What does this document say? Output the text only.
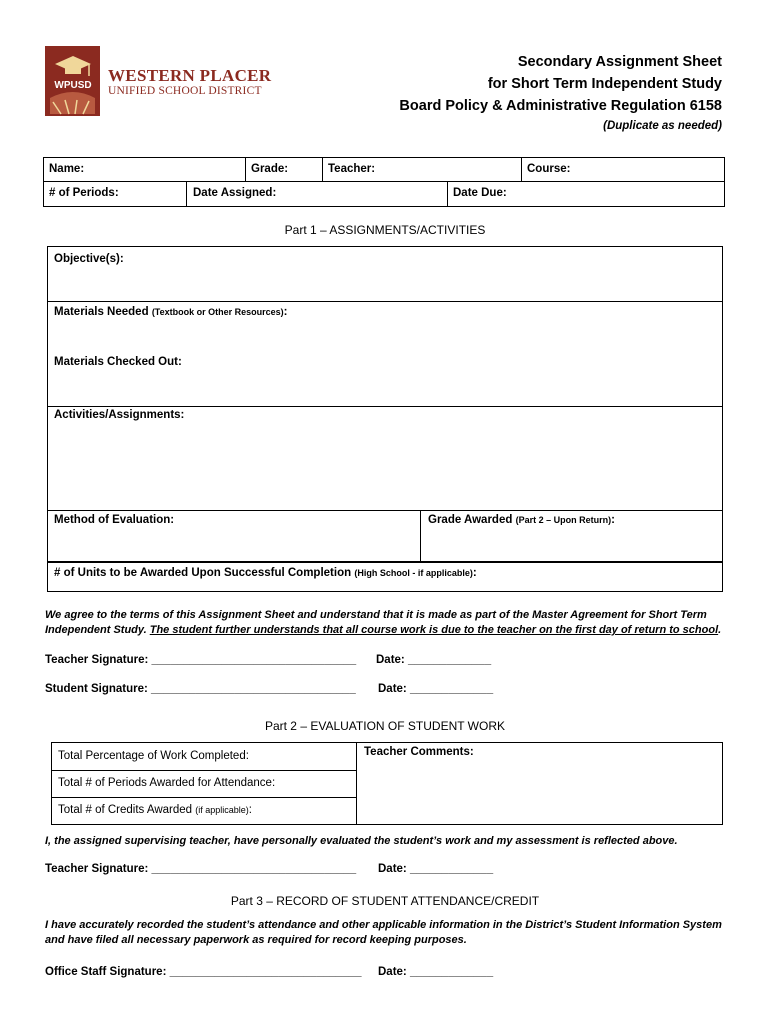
WPUSD
WESTERN PLACER
UNIFIED SCHOOL DISTRICT
Secondary Assignment Sheet
for Short Term Independent Study
Board Policy & Administrative Regulation 6158
(Duplicate as needed)
Name:	Grade:	Teacher:	Course:
# of Periods:	Date Assigned:	Date Due:
Part 1 – ASSIGNMENTS/ACTIVITIES
Objective(s):
Materials Needed (Textbook or Other Resources):
Materials Checked Out:
Activities/Assignments:
Method of Evaluation:	Grade Awarded (Part 2 – Upon Return):
# of Units to be Awarded Upon Successful Completion (High School - if applicable):
We agree to the terms of this Assignment Sheet and understand that it is made as part of the Master Agreement for Short Term Independent Study. The student further understands that all course work is due to the teacher on the first day of return to school.
Teacher Signature: ________________________________ Date: _____________
Student Signature: ________________________________ Date: _____________
Part 2 – EVALUATION OF STUDENT WORK
Total Percentage of Work Completed:
Total # of Periods Awarded for Attendance:
Total # of Credits Awarded (if applicable):
Teacher Comments:
I, the assigned supervising teacher, have personally evaluated the student’s work and my assessment is reflected above.
Teacher Signature: ________________________________ Date: _____________
Part 3 – RECORD OF STUDENT ATTENDANCE/CREDIT
I have accurately recorded the student’s attendance and other applicable information in the District’s Student Information System and have filed all necessary paperwork as required for record keeping purposes.
Office Staff Signature: ______________________________ Date: _____________
